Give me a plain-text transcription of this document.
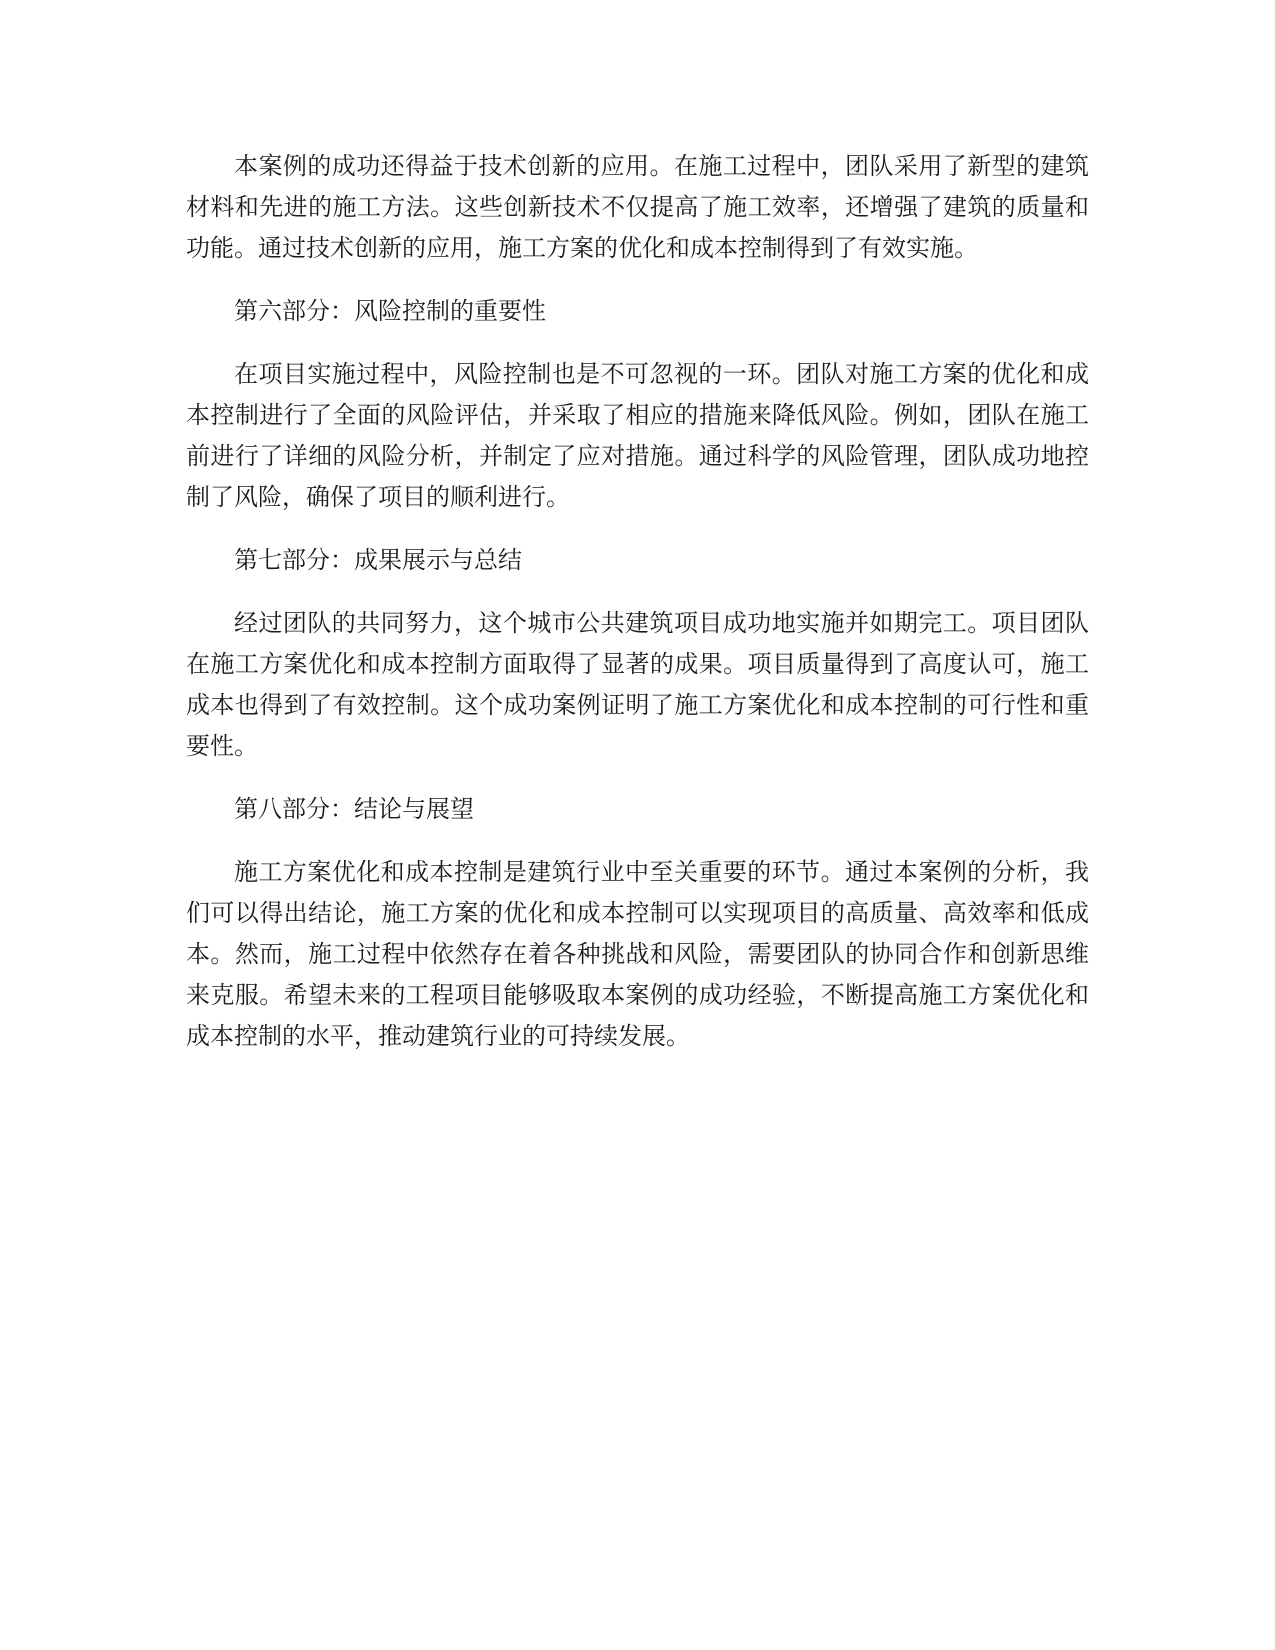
本案例的成功还得益于技术创新的应用。在施工过程中，团队采用了新型的建筑材料和先进的施工方法。这些创新技术不仅提高了施工效率，还增强了建筑的质量和功能。通过技术创新的应用，施工方案的优化和成本控制得到了有效实施。

第六部分：风险控制的重要性

在项目实施过程中，风险控制也是不可忽视的一环。团队对施工方案的优化和成本控制进行了全面的风险评估，并采取了相应的措施来降低风险。例如，团队在施工前进行了详细的风险分析，并制定了应对措施。通过科学的风险管理，团队成功地控制了风险，确保了项目的顺利进行。

第七部分：成果展示与总结

经过团队的共同努力，这个城市公共建筑项目成功地实施并如期完工。项目团队在施工方案优化和成本控制方面取得了显著的成果。项目质量得到了高度认可，施工成本也得到了有效控制。这个成功案例证明了施工方案优化和成本控制的可行性和重要性。

第八部分：结论与展望

施工方案优化和成本控制是建筑行业中至关重要的环节。通过本案例的分析，我们可以得出结论，施工方案的优化和成本控制可以实现项目的高质量、高效率和低成本。然而，施工过程中依然存在着各种挑战和风险，需要团队的协同合作和创新思维来克服。希望未来的工程项目能够吸取本案例的成功经验，不断提高施工方案优化和成本控制的水平，推动建筑行业的可持续发展。
